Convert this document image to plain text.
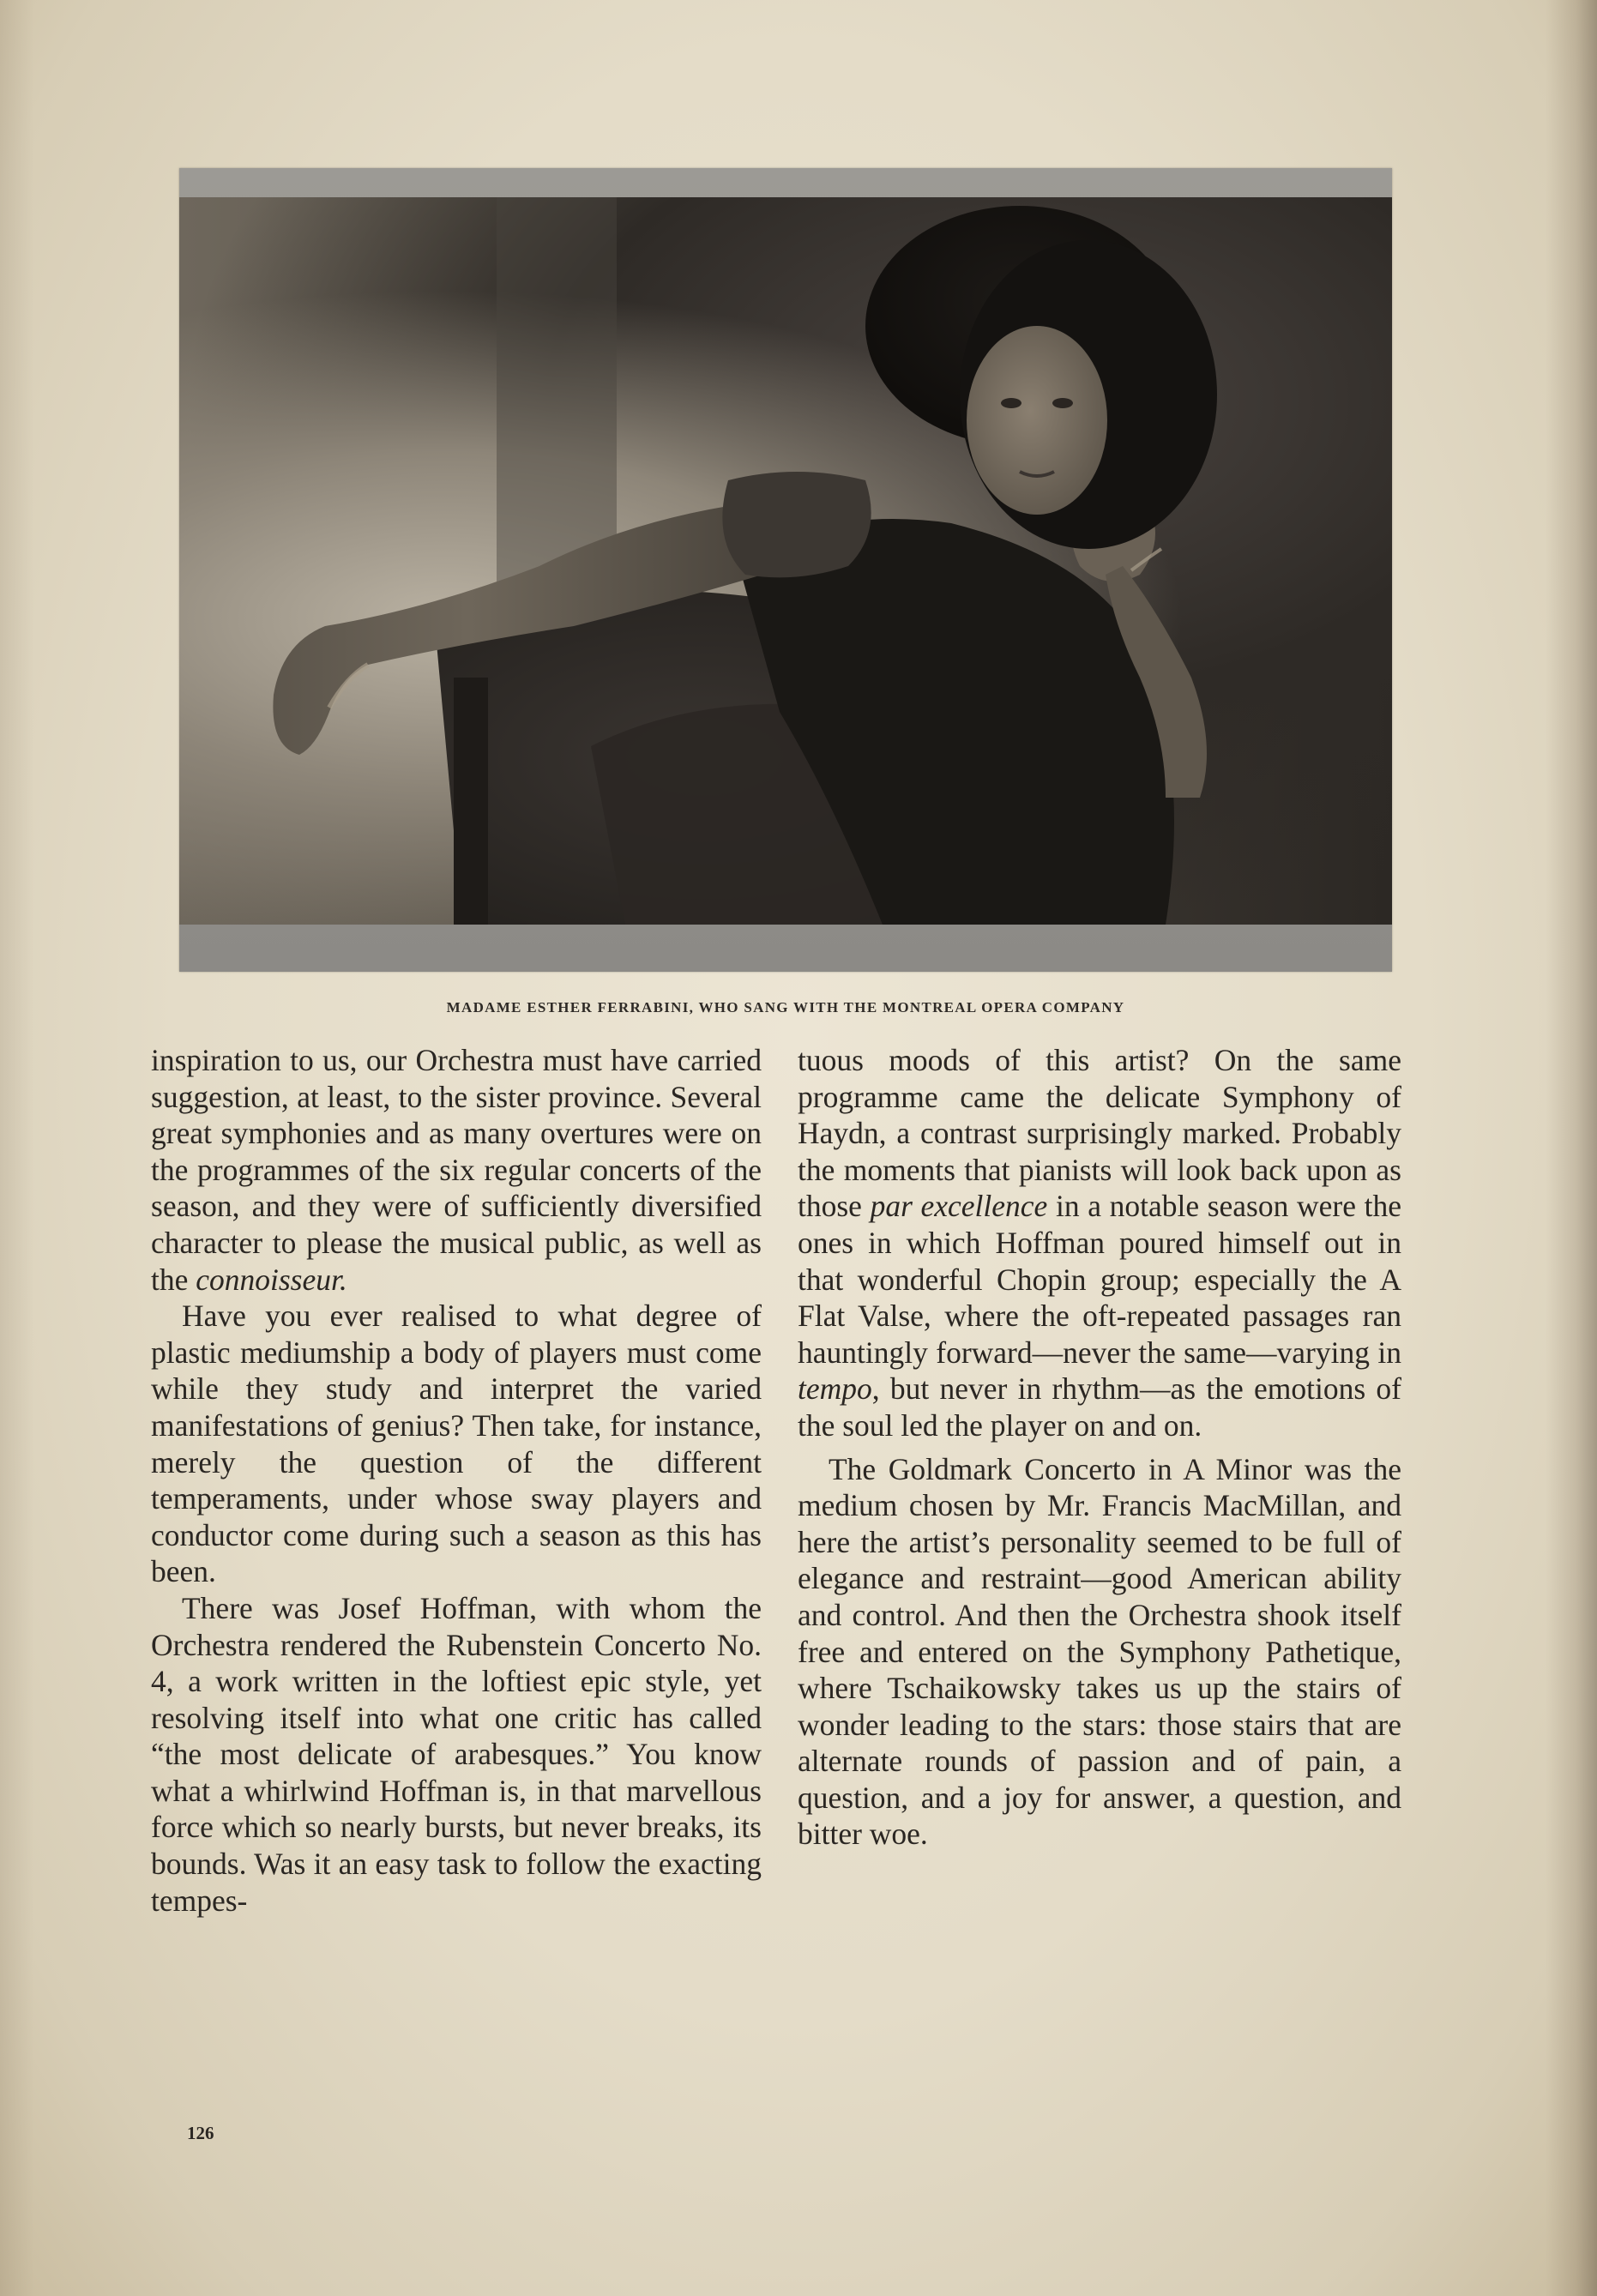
MADAME ESTHER FERRABINI, WHO SANG WITH THE MONTREAL OPERA COMPANY

inspiration to us, our Orchestra must have carried suggestion, at least, to the sister province. Several great symphonies and as many overtures were on the programmes of the six regular concerts of the season, and they were of sufficiently diversified character to please the musical public, as well as the connoisseur.

Have you ever realised to what degree of plastic mediumship a body of players must come while they study and interpret the varied manifestations of genius? Then take, for instance, merely the question of the different temperaments, under whose sway players and conductor come during such a season as this has been.

There was Josef Hoffman, with whom the Orchestra rendered the Rubenstein Concerto No. 4, a work written in the loftiest epic style, yet resolving itself into what one critic has called “the most delicate of arabesques.” You know what a whirlwind Hoffman is, in that marvellous force which so nearly bursts, but never breaks, its bounds. Was it an easy task to follow the exacting tempes-

tuous moods of this artist? On the same programme came the delicate Symphony of Haydn, a contrast surprisingly marked. Probably the moments that pianists will look back upon as those par excellence in a notable season were the ones in which Hoffman poured himself out in that wonderful Chopin group; especially the A Flat Valse, where the oft-repeated passages ran hauntingly forward—never the same—varying in tempo, but never in rhythm—as the emotions of the soul led the player on and on.

The Goldmark Concerto in A Minor was the medium chosen by Mr. Francis MacMillan, and here the artist’s personality seemed to be full of elegance and restraint—good American ability and control. And then the Orchestra shook itself free and entered on the Symphony Pathetique, where Tschaikowsky takes us up the stairs of wonder leading to the stars: those stairs that are alternate rounds of passion and of pain, a question, and a joy for answer, a question, and bitter woe.

126
